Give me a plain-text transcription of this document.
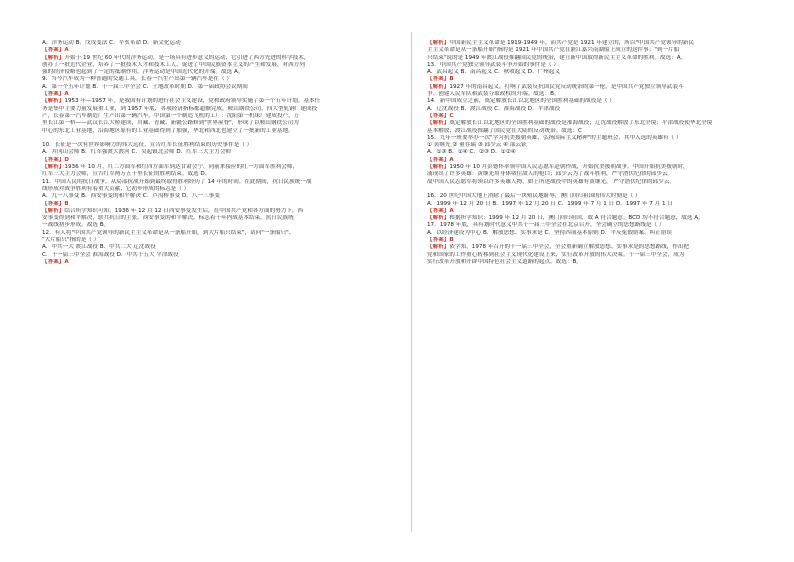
A．洋务运动 B．戊戌变法 C．辛亥革命 D．新文化运动
【答案】A
【解析】开始于 19 世纪 60 年代的洋务运动，是一场具有进步意义的运动，它引进了西方先进的科学技术，
创办了一批近代企业，培养了一批技术人才和技术工人，促进了中国民族资本主义的产生和发展，对西方列
强的经济侵略也起到了一定的抵制作用，洋务运动是中国近代化的开端。故选 A。
9．当今汽车成为一种普通的交通工具，长春一汽生产出第一辆汽车是在（ ）
A．第一个五年计划 B．十一届三中全会 C．土地改革时期 D．第一届政协会议期间
【答案】A
【解析】1953 年—1957 年，是我国有计划的进行社会主义建设，党和政府领导实施了第一个五年计划。基本任
务是集中主要力量发展重工业，到 1957 年底，各项经济指标都超额完成。鞍山钢铁公司、四大型轧钢厂建成投
产，长春第一汽车制造厂生产出第一辆汽车，中国第一个制造飞机的工厂：沈阳第一机床厂建成投产，万
里长江第一桥——武汉长江大桥建成，川藏、青藏、新疆公路修到"世界屋脊"，形成了以鞍山钢铁公司为
中心的东北工业基地，沿海地区原有的工业基础得到了加强，华北和西北也建立了一批新的工业基地。
10．长征是一次有世界影响力的伟大远征，宣告红军长征胜利结束的历史事件是（ ）
A．井冈山会师 B．红军强渡大渡河 C．吴起镇北会师 D．红军三大主力会师
【答案】D
【解析】1936 年 10 月，红二方面军和红四方面军到达甘肃会宁，同前来接应的红一方面军胜利会师，
红军三大主力会师，宣告红军两万五千里长征的胜利结束。故选 D。
11．中国人民的抗日战争，从局部抗战开始到最终取得胜利经历了 14 年的时间。在此期间，抗日民族统一战
线形成对战争胜利有着重大贡献，它初步形成的标志是（ ）
A．九一八事变 B．西安事变的和平解决 C．卢沟桥事变 D．八一三事变
【答案】B
【解析】结合所学知识可知，1936 年 12 月 12 日西安事变发生后，在中国共产党和各方面的努力下，西
安事变得到和平解决，联共抗日的主张。西安事变的和平解决，标志着十年内战基本结束，抗日民族统
一战线初步形成。故选 B。
12．有人将"中国共产党领导的新民主主义革命是从一条船开始，到大片船只结束"，请问"一条船只"、
"大片船只"指的是（ ）
A．中共一大 渡江战役 B．中共二大 辽沈战役
C．十一届三中全会 淮海战役 D．中共十五大 平津战役
【答案】A
【解析】中国新民主主义革命是 1919-1949 年，而共产党是 1921 年建立的，所以"中国共产党领导的新民
主主义革命是从一条船开始"指的是 1921 年中国共产党在浙江嘉兴南湖船上成立的这件事；"到一片船
只结束"说的是 1949 年渡江战役推翻国民党的统治，建立新中国取得新民主主义革命的胜利。故选：A。
13．中国共产党独立领导武装斗争开始的事件是（ ）
A．武昌起义 B．南昌起义 C．秋收起义 D．广州起义
【答案】B
【解析】1927 年的南昌起义，打响了武装反抗国民党反动统治的第一枪，是中国共产党独立领导武装斗
争、创建人民军队和武装夺取政权的开端。故选：B。
14．新中国成立之前，奠定解放长江以北地区的全国胜利基础的战役是（ ）
A．辽沈战役 B．渡江战役 C．淮海战役 D．平津战役
【答案】C
【解析】奠定解放长江以北地区的全国胜利基础的战役是淮海战役；辽沈战役解放了东北全境；平津战役使华北全境
基本解放；渡江战役推翻了国民党在大陆的反动统治。故选：C
15．九年一班要举办一次"学习抗美援朝英雄，弘扬国际主义精神"的主题班会，其中入选的英雄有（ ）
① 黄继光 ② 董存瑞 ③ 邱少云 ④ 邵云铉
A．①③ B．①④ C．②③ D．①②④
【答案】A
【解析】1950 年 10 月彭德怀率领中国人民志愿军赴朝作战，开始抗美援朝战争。中国开始抗美援朝时，
涌现出了许多英雄：黄继光用身体堵住敌人的枪口；邱少云为了战斗胜利，严守潜伏纪律的邱少云。
故中国人民志愿军将领以许多英雄人物。如上所述战役中的英雄有黄继光， 严守潜伏纪律的邱少云。
16．20 世纪中国大地上消除了最后一块殖民地耻辱，澳门回归祖国的伟大时刻是（ ）
A．1999 年 12 月 20 日 B．1997 年 12 月 20 日 C．1999 年 7 月 1 日 D．1997 年 7 月 1 日
【答案】A
【解析】根据所学知识：1999 年 12 月 20 日，澳门回归祖国，故 A 符合题意；BCD 均不符合题意，故选 A。
17．1978 年底，具有划时代意义中共十一届三中全会在北京召开，全会确立的思想路线是（ ）
A．以经济建设为中心 B．解放思想、实事求是 C．坚持四项基本原则 D．平反冤假错案、纠正错误
【答案】B
【解析】依学知，1978 年召开的十一届三中全会，全会重新确立解放思想、实事求是的思想路线，作出把
党和国家的工作重心转移到社会主义现代化建设上来，实行改革开放的伟大决策。十一届三中全会，成为
实行改革开放和开辟中国特色社会主义道路的起点。故选：B。
